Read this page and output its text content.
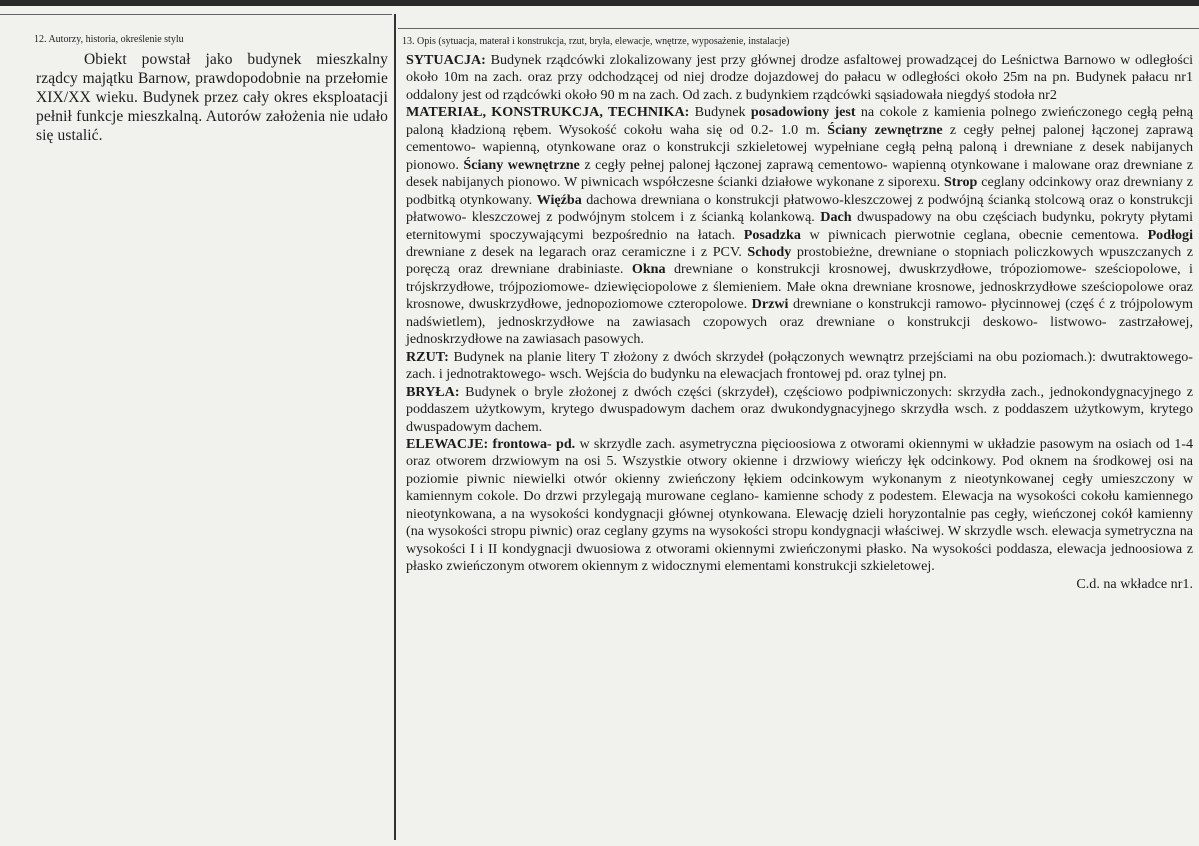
12. Autorzy, historia, określenie stylu

Obiekt powstał jako budynek mieszkalny rządcy majątku Barnow, prawdopodobnie na przełomie XIX/XX wieku. Budynek przez cały okres eksploatacji pełnił funkcje mieszkalną. Autorów założenia nie udało się ustalić.

13. Opis (sytuacja, materał i konstrukcja, rzut, bryła, elewacje, wnętrze, wyposażenie, instalacje)

SYTUACJA: Budynek rządcówki zlokalizowany jest przy głównej drodze asfaltowej prowadzącej do Leśnictwa Barnowo w odległości około 10m na zach. oraz przy odchodzącej od niej drodze dojazdowej do pałacu w odległości około 25m na pn. Budynek pałacu nr1 oddalony jest od rządcówki około 90 m na zach. Od zach. z budynkiem rządcówki sąsiadowała niegdyś stodoła nr2

MATERIAŁ, KONSTRUKCJA, TECHNIKA: Budynek posadowiony jest na cokole z kamienia polnego zwieńczonego cegłą pełną paloną kładzioną rębem. Wysokość cokołu waha się od 0.2- 1.0 m. Ściany zewnętrzne z cegły pełnej palonej łączonej zaprawą cementowo- wapienną, otynkowane oraz o konstrukcji szkieletowej wypełniane cegłą pełną paloną i drewniane z desek nabijanych pionowo. Ściany wewnętrzne z cegły pełnej palonej łączonej zaprawą cementowo- wapienną otynkowane i malowane oraz drewniane z desek nabijanych pionowo. W piwnicach współczesne ścianki działowe wykonane z siporexu. Strop ceglany odcinkowy oraz drewniany z podbitką otynkowany. Więźba dachowa drewniana o konstrukcji płatwowo-kleszczowej z podwójną ścianką stolcową oraz o konstrukcji płatwowo- kleszczowej z podwójnym stolcem i z ścianką kolankową. Dach dwuspadowy na obu częściach budynku, pokryty płytami eternitowymi spoczywającymi bezpośrednio na łatach. Posadzka w piwnicach pierwotnie ceglana, obecnie cementowa. Podłogi drewniane z desek na legarach oraz ceramiczne i z PCV. Schody prostobieżne, drewniane o stopniach policzkowych wpuszczanych z poręczą oraz drewniane drabiniaste. Okna drewniane o konstrukcji krosnowej, dwuskrzydłowe, trópoziomowe- sześciopolowe, i trójskrzydłowe, trójpoziomowe- dziewięciopolowe z ślemieniem. Małe okna drewniane krosnowe, jednoskrzydłowe sześciopolowe oraz krosnowe, dwuskrzydłowe, jednopoziomowe czteropolowe. Drzwi drewniane o konstrukcji ramowo- płycinnowej (częś ć z trójpolowym nadświetlem), jednoskrzydłowe na zawiasach czopowych oraz drewniane o konstrukcji deskowo- listwowo- zastrzałowej, jednoskrzydłowe na zawiasach pasowych.

RZUT: Budynek na planie litery T złożony z dwóch skrzydeł (połączonych wewnątrz przejściami na obu poziomach.): dwutraktowego- zach. i jednotraktowego- wsch. Wejścia do budynku na elewacjach frontowej pd. oraz tylnej pn.

BRYŁA: Budynek o bryle złożonej z dwóch części (skrzydeł), częściowo podpiwniczonych: skrzydła zach., jednokondygnacyjnego z poddaszem użytkowym, krytego dwuspadowym dachem oraz dwukondygnacyjnego skrzydła wsch. z poddaszem użytkowym, krytego dwuspadowym dachem.

ELEWACJE: frontowa- pd. w skrzydle zach. asymetryczna pięcioosiowa z otworami okiennymi w układzie pasowym na osiach od 1-4 oraz otworem drzwiowym na osi 5. Wszystkie otwory okienne i drzwiowy wieńczy łęk odcinkowy. Pod oknem na środkowej osi na poziomie piwnic niewielki otwór okienny zwieńczony łękiem odcinkowym wykonanym z nieotynkowanej cegły umieszczony w kamiennym cokole. Do drzwi przylegają murowane ceglano- kamienne schody z podestem. Elewacja na wysokości cokołu kamiennego nieotynkowana, a na wysokości kondygnacji głównej otynkowana. Elewację dzieli horyzontalnie pas cegły, wieńczonej cokół kamienny (na wysokości stropu piwnic) oraz ceglany gzyms na wysokości stropu kondygnacji właściwej. W skrzydle wsch. elewacja symetryczna na wysokości I i II kondygnacji dwuosiowa z otworami okiennymi zwieńczonymi płasko. Na wysokości poddasza, elewacja jednoosiowa z płasko zwieńczonym otworem okiennym z widocznymi elementami konstrukcji szkieletowej.

C.d. na wkładce nr1.
